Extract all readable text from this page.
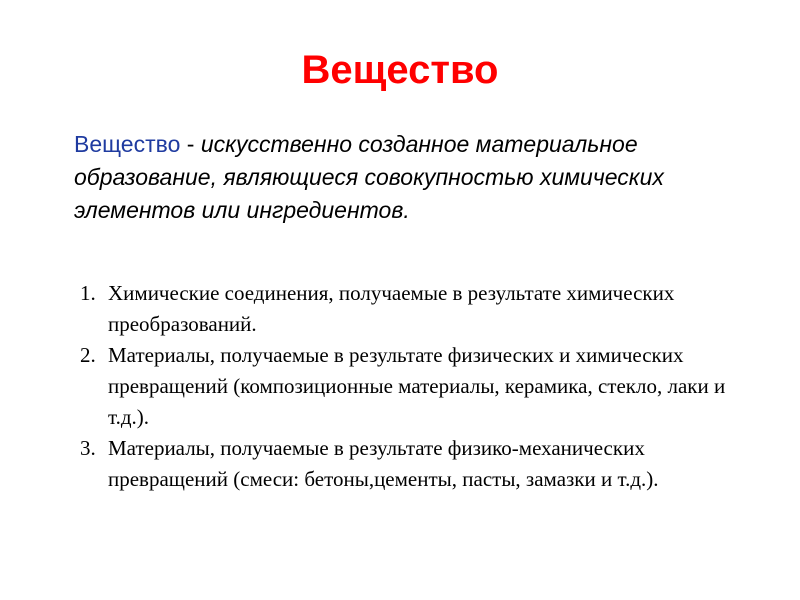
Вещество
Вещество - искусственно созданное материальное образование, являющиеся совокупностью химических элементов или ингредиентов.
1. Химические соединения, получаемые в результате химических преобразований.
2. Материалы, получаемые в результате физических и химических превращений (композиционные материалы, керамика, стекло, лаки и т.д.).
3. Материалы, получаемые в результате физико-механических превращений (смеси: бетоны,цементы, пасты, замазки и т.д.).
